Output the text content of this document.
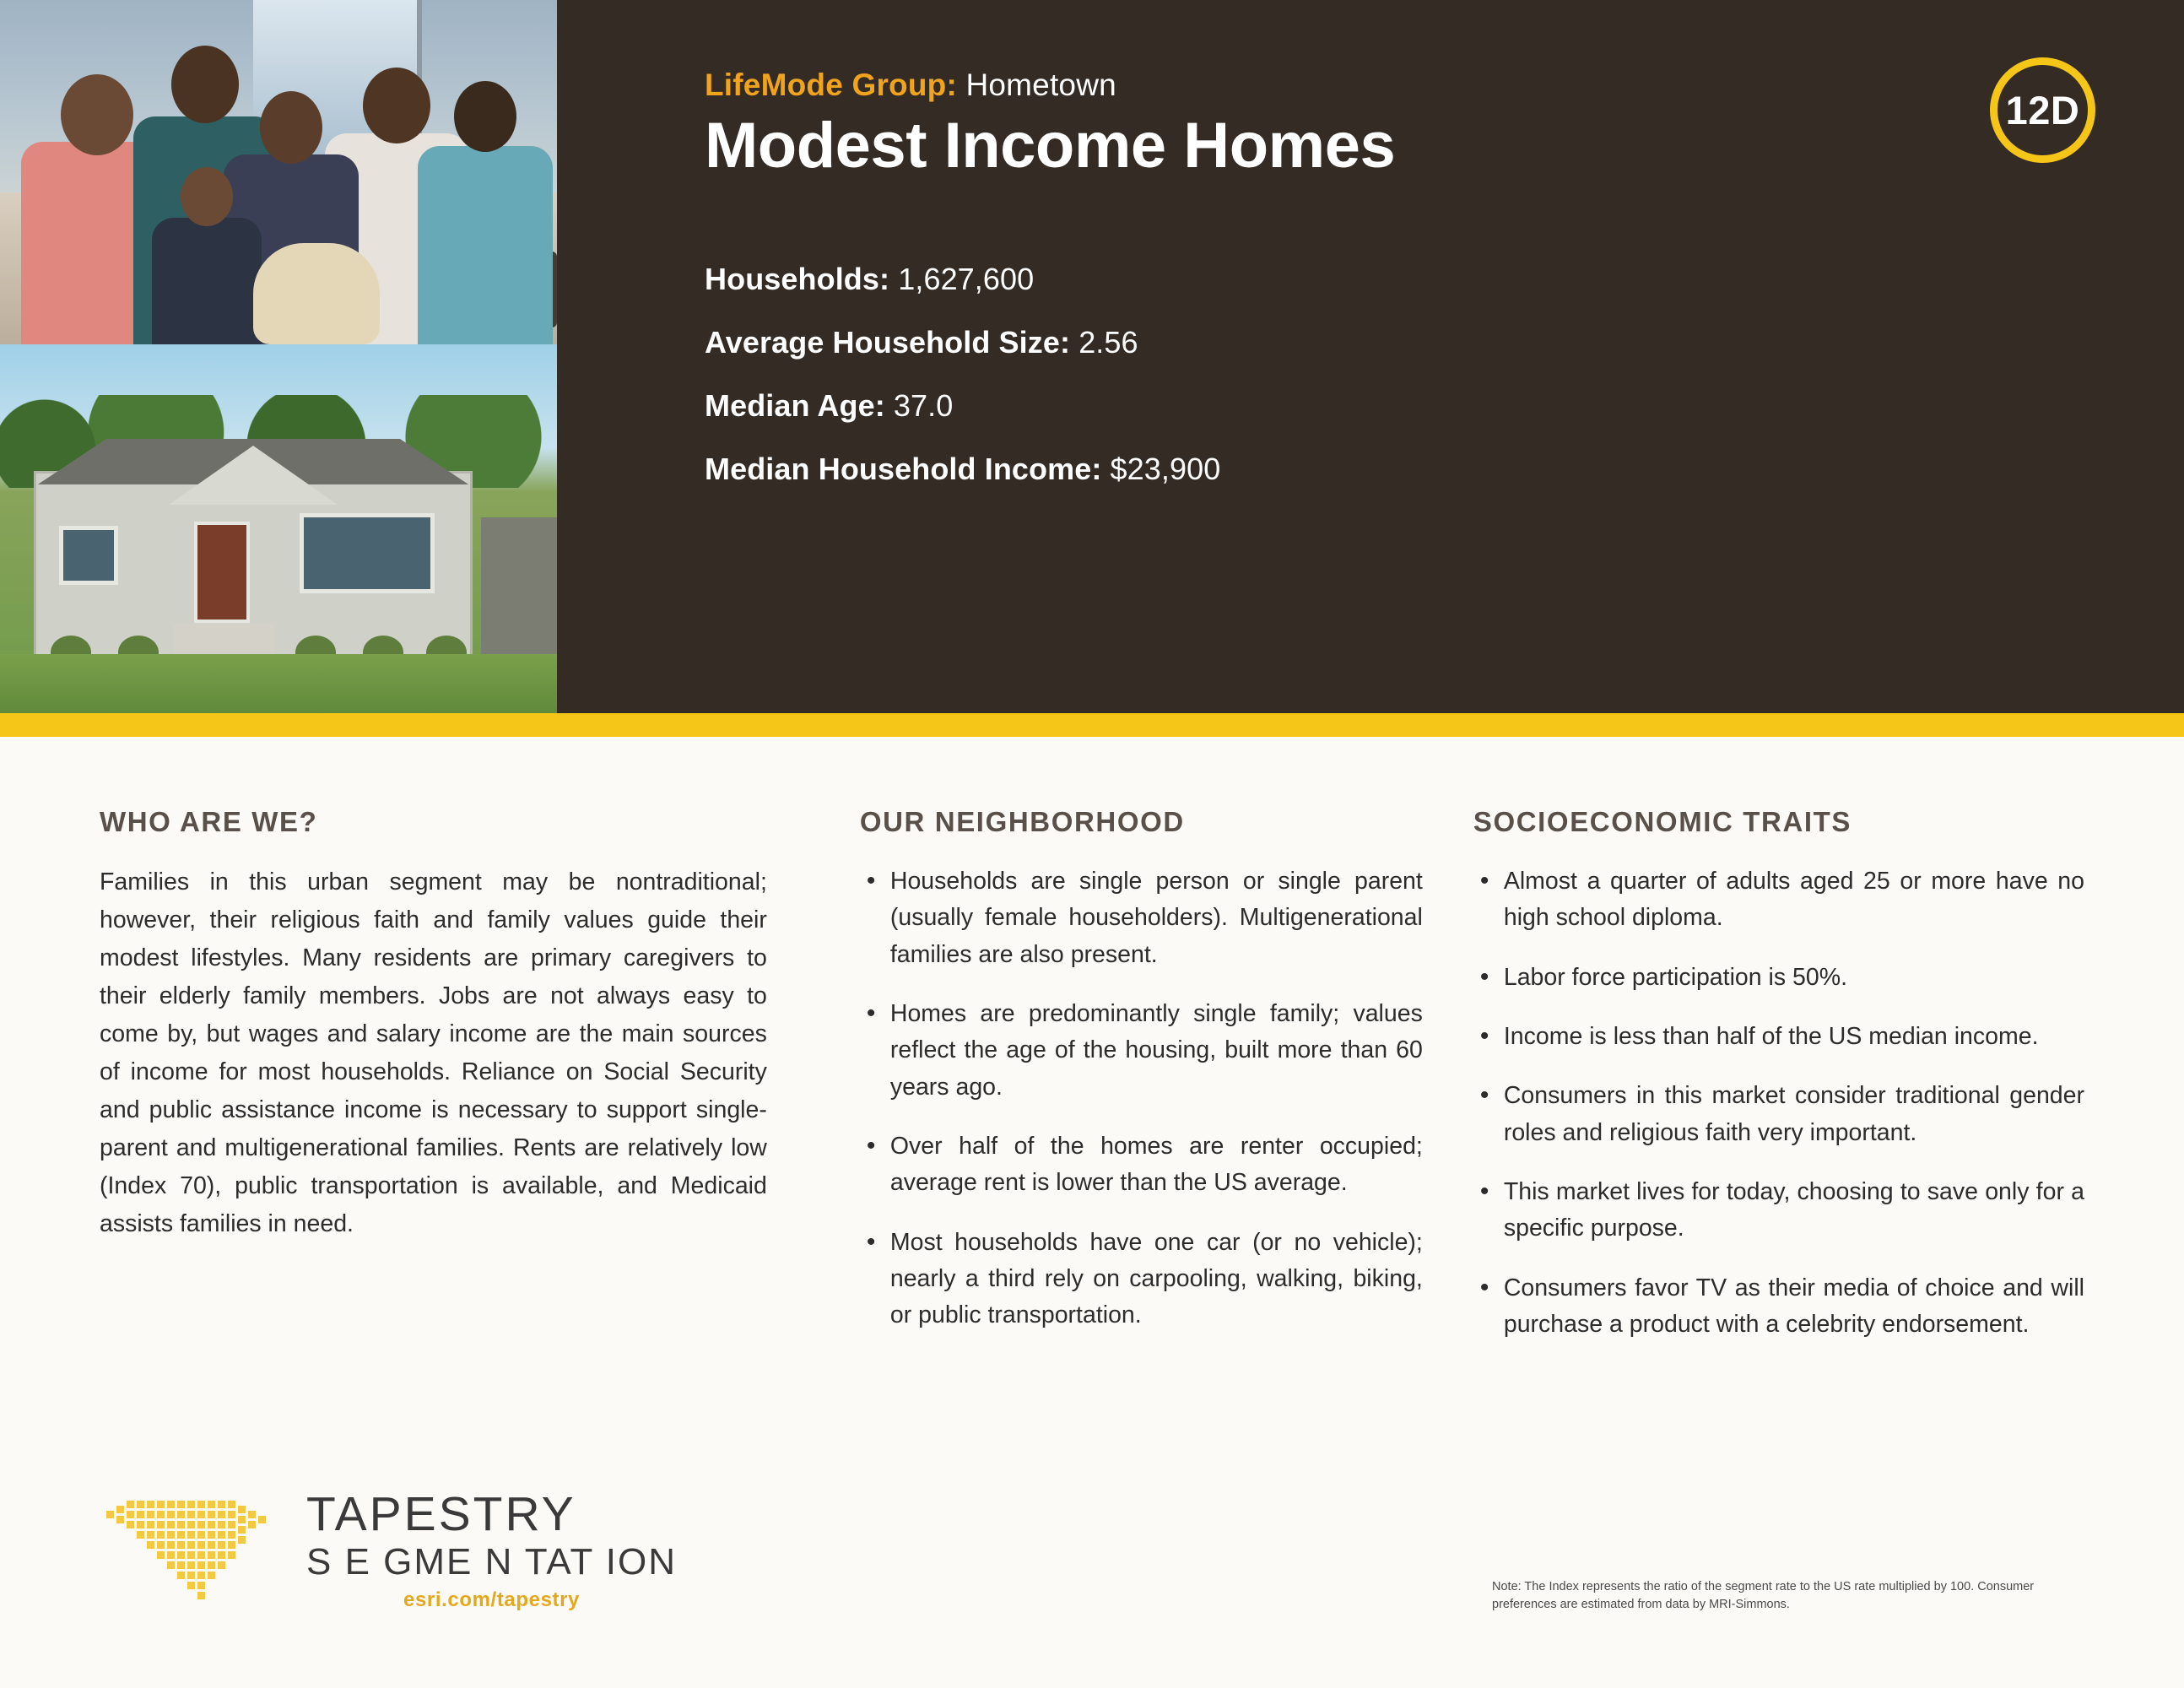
LifeMode Group: Hometown
Modest Income Homes
Households: 1,627,600
Average Household Size: 2.56
Median Age: 37.0
Median Household Income: $23,900
12D
WHO ARE WE?
Families in this urban segment may be nontraditional; however, their religious faith and family values guide their modest lifestyles. Many residents are primary caregivers to their elderly family members. Jobs are not always easy to come by, but wages and salary income are the main sources of income for most households. Reliance on Social Security and public assistance income is necessary to support single-parent and multigenerational families. Rents are relatively low (Index 70), public transportation is available, and Medicaid assists families in need.
OUR NEIGHBORHOOD
• Households are single person or single parent (usually female householders). Multigenerational families are also present.
• Homes are predominantly single family; values reflect the age of the housing, built more than 60 years ago.
• Over half of the homes are renter occupied; average rent is lower than the US average.
• Most households have one car (or no vehicle); nearly a third rely on carpooling, walking, biking, or public transportation.
SOCIOECONOMIC TRAITS
• Almost a quarter of adults aged 25 or more have no high school diploma.
• Labor force participation is 50%.
• Income is less than half of the US median income.
• Consumers in this market consider traditional gender roles and religious faith very important.
• This market lives for today, choosing to save only for a specific purpose.
• Consumers favor TV as their media of choice and will purchase a product with a celebrity endorsement.
TAPESTRY
S E GME N TAT ION
esri.com/tapestry
Note: The Index represents the ratio of the segment rate to the US rate multiplied by 100. Consumer preferences are estimated from data by MRI-Simmons.
